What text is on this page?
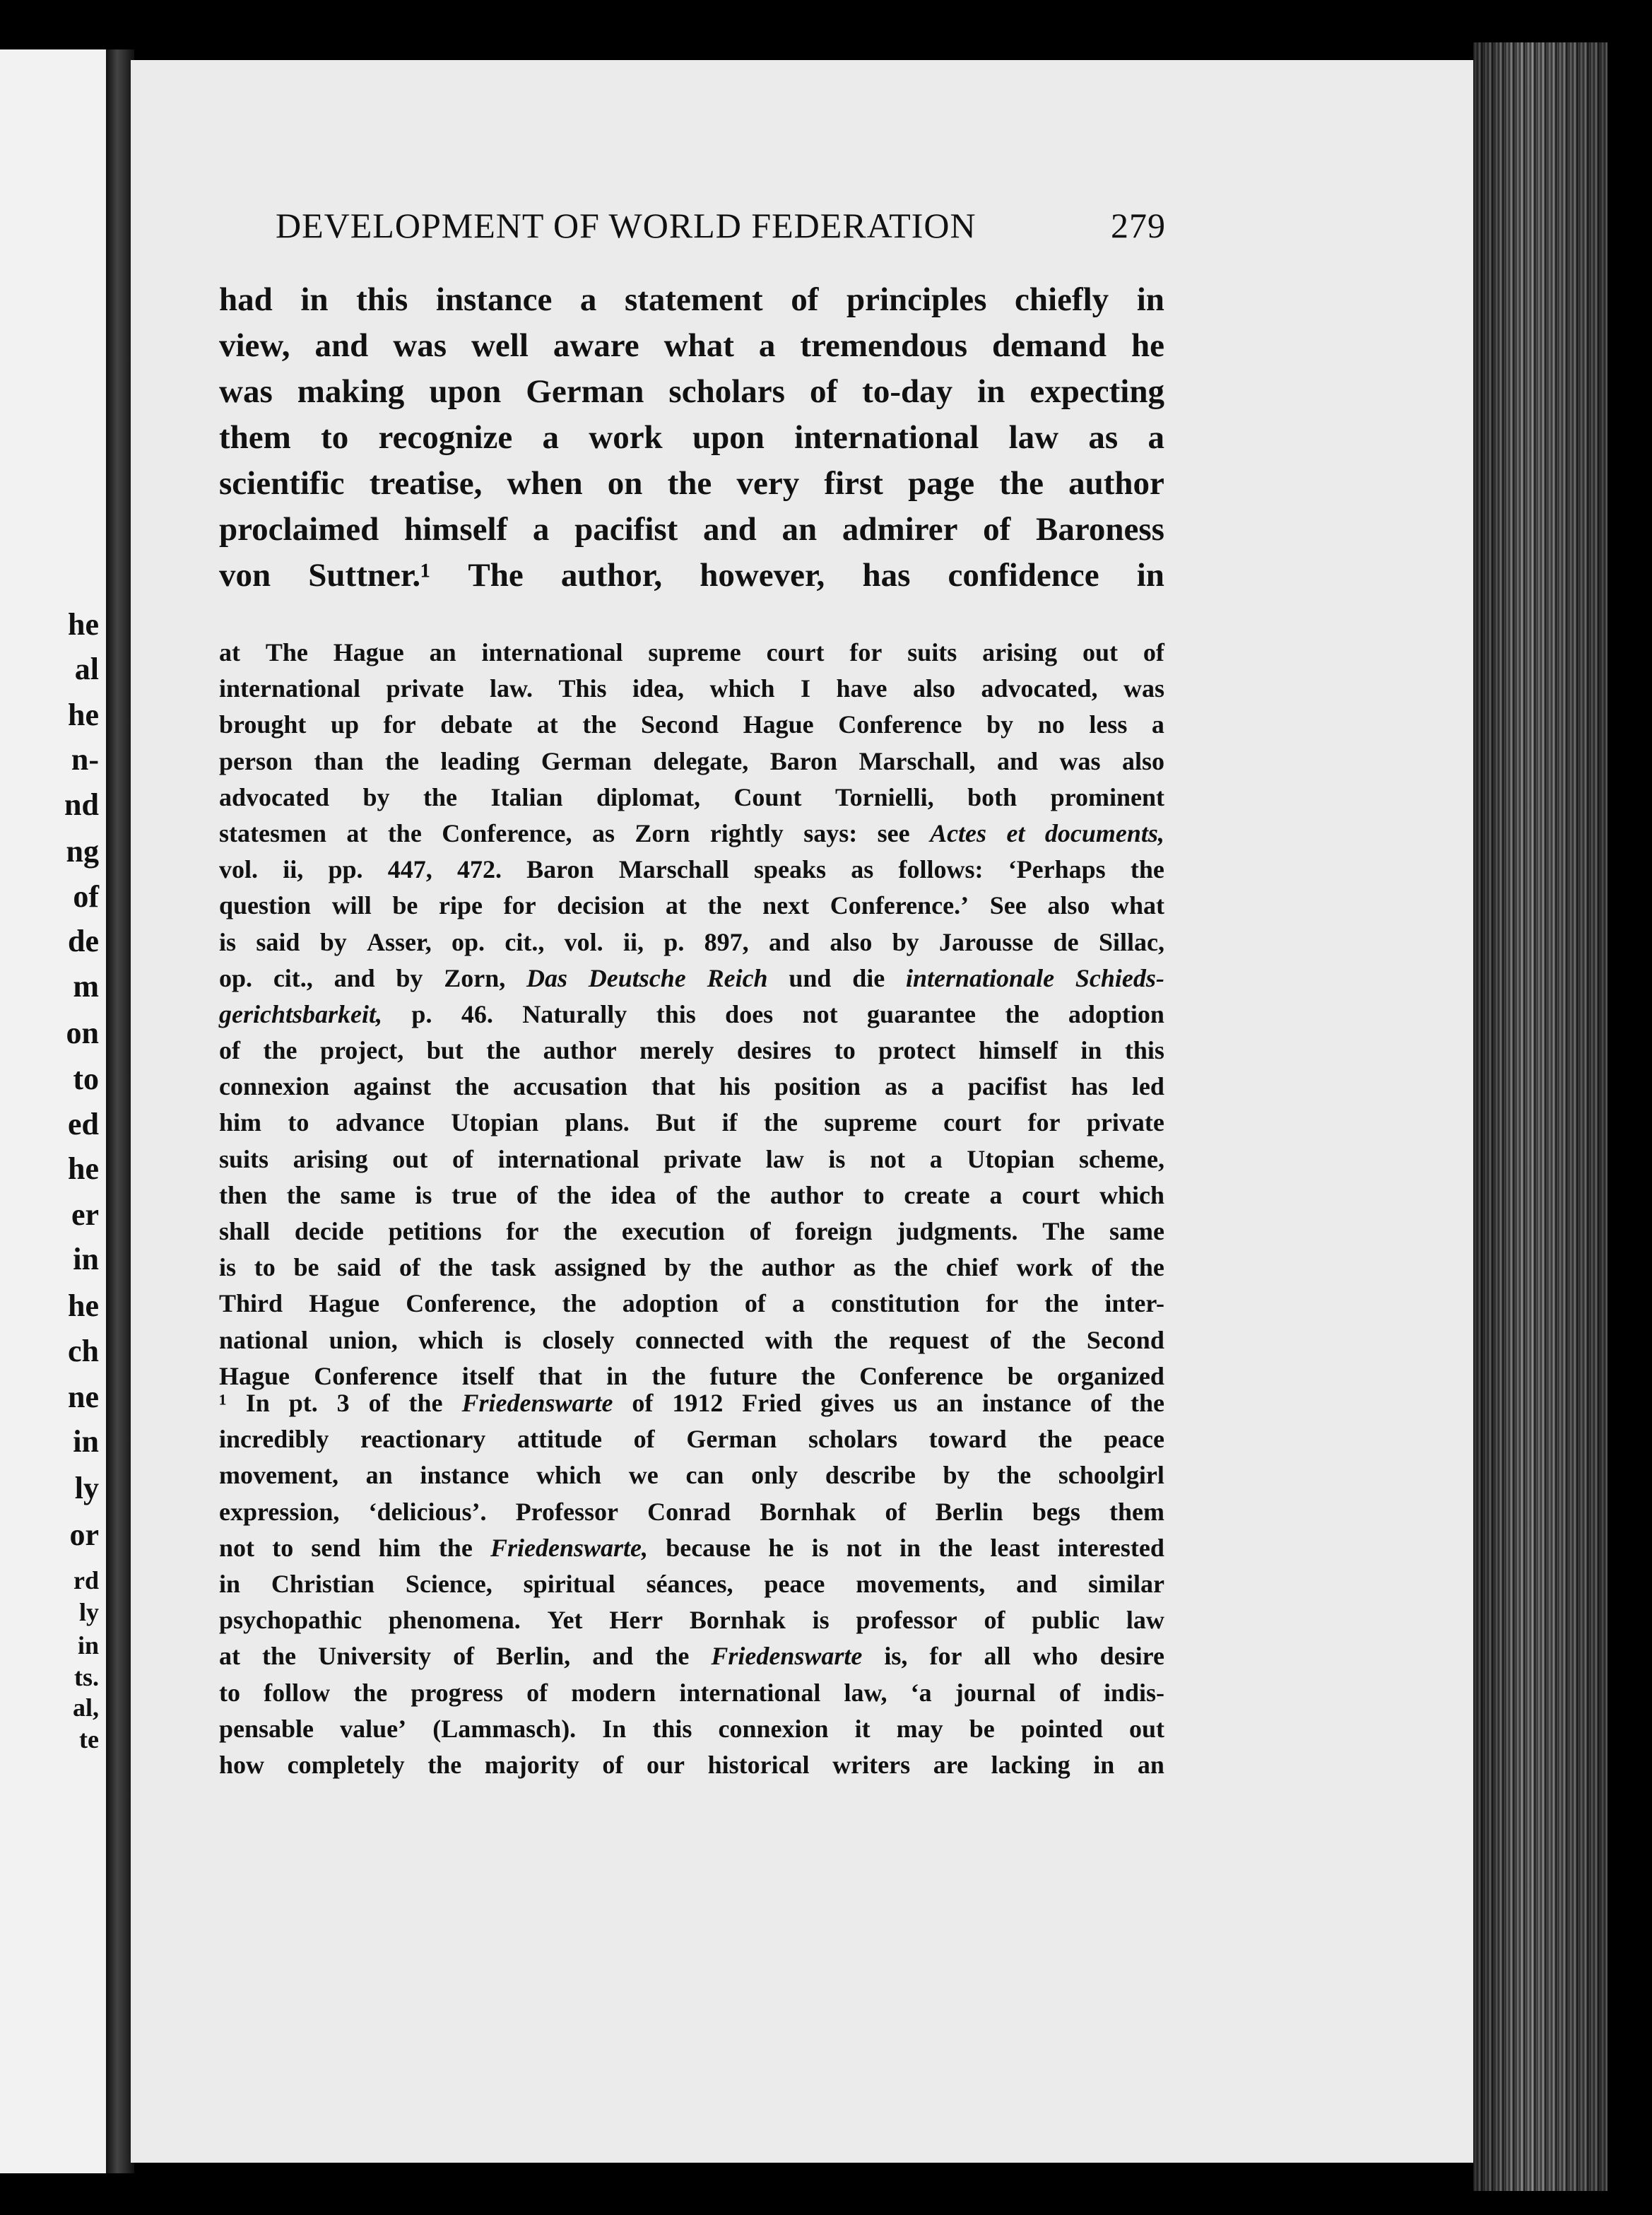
he
al
he
n-
nd
ng
of
de
m
on
to
ed
he
er
in
he
ch
ne
in
ly
or
rd
ly
in
ts.
al,
te
DEVELOPMENT OF WORLD FEDERATION	279
had in this instance a statement of principles chiefly in
view, and was well aware what a tremendous demand he
was making upon German scholars of to-day in expecting
them to recognize a work upon international law as a
scientific treatise, when on the very first page the author
proclaimed himself a pacifist and an admirer of Baroness
von Suttner.¹ The author, however, has confidence in
at The Hague an international supreme court for suits arising out of
international private law. This idea, which I have also advocated, was
brought up for debate at the Second Hague Conference by no less a
person than the leading German delegate, Baron Marschall, and was also
advocated by the Italian diplomat, Count Tornielli, both prominent
statesmen at the Conference, as Zorn rightly says: see Actes et documents,
vol. ii, pp. 447, 472. Baron Marschall speaks as follows: ‘Perhaps the
question will be ripe for decision at the next Conference.’ See also what
is said by Asser, op. cit., vol. ii, p. 897, and also by Jarousse de Sillac,
op. cit., and by Zorn, Das Deutsche Reich und die internationale Schieds-
gerichtsbarkeit, p. 46. Naturally this does not guarantee the adoption
of the project, but the author merely desires to protect himself in this
connexion against the accusation that his position as a pacifist has led
him to advance Utopian plans. But if the supreme court for private
suits arising out of international private law is not a Utopian scheme,
then the same is true of the idea of the author to create a court which
shall decide petitions for the execution of foreign judgments. The same
is to be said of the task assigned by the author as the chief work of the
Third Hague Conference, the adoption of a constitution for the inter-
national union, which is closely connected with the request of the Second
Hague Conference itself that in the future the Conference be organized
¹ In pt. 3 of the Friedenswarte of 1912 Fried gives us an instance of the
incredibly reactionary attitude of German scholars toward the peace
movement, an instance which we can only describe by the schoolgirl
expression, ‘delicious’. Professor Conrad Bornhak of Berlin begs them
not to send him the Friedenswarte, because he is not in the least interested
in Christian Science, spiritual séances, peace movements, and similar
psychopathic phenomena. Yet Herr Bornhak is professor of public law
at the University of Berlin, and the Friedenswarte is, for all who desire
to follow the progress of modern international law, ‘a journal of indis-
pensable value’ (Lammasch). In this connexion it may be pointed out
how completely the majority of our historical writers are lacking in an
